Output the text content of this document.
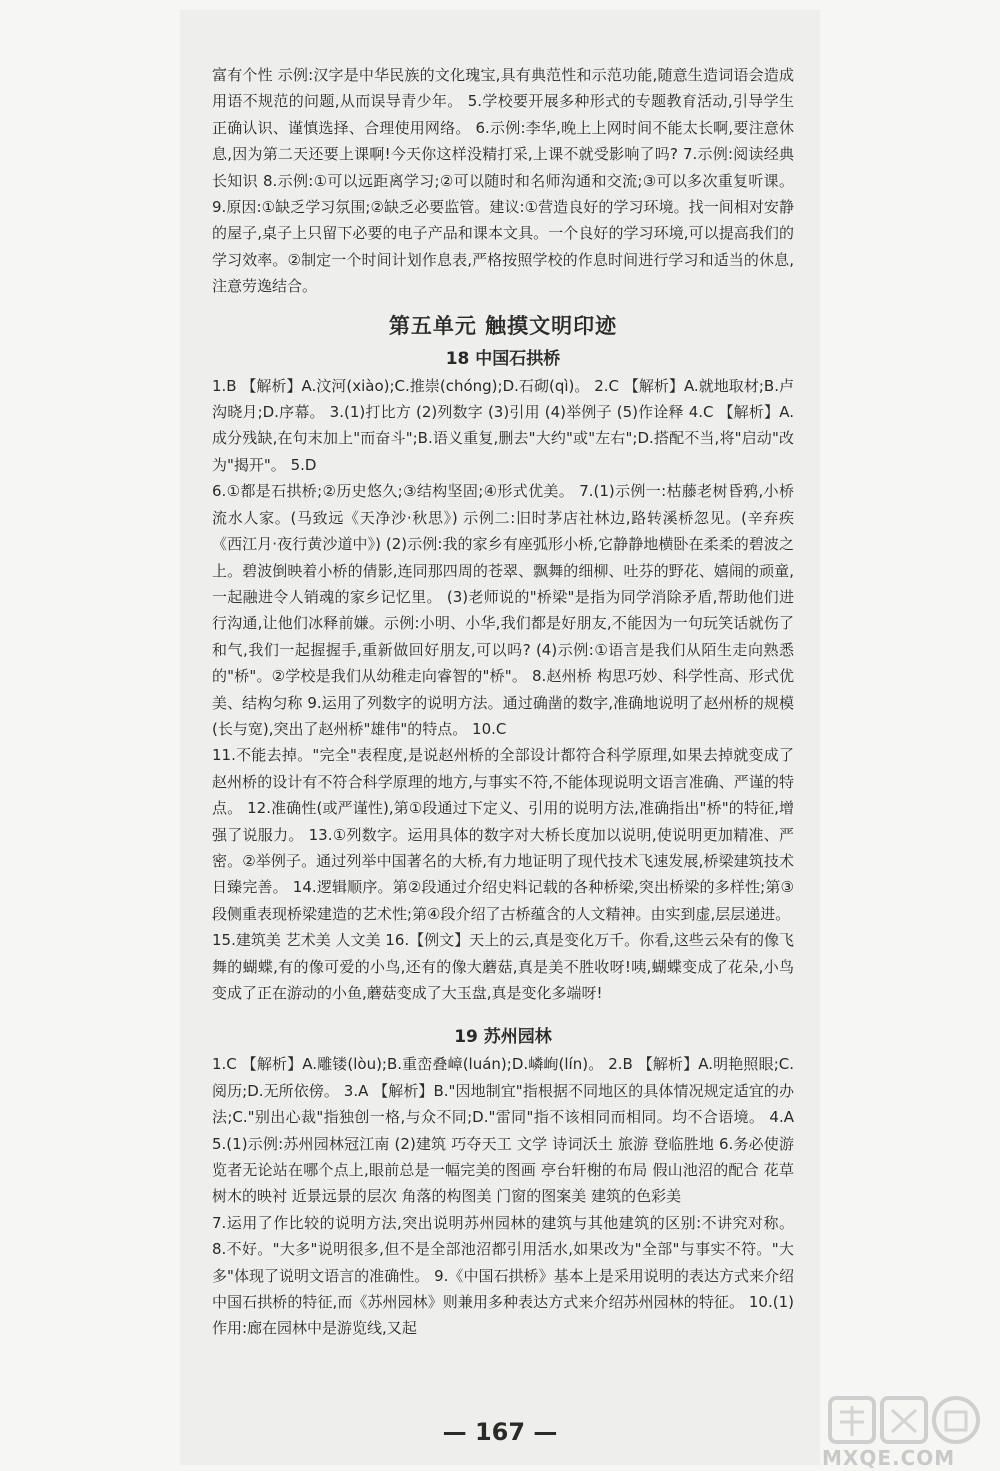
富有个性 示例:汉字是中华民族的文化瑰宝,具有典范性和示范功能,随意生造词语会造成用语不规范的问题,从而误导青少年。 5.学校要开展多种形式的专题教育活动,引导学生正确认识、谨慎选择、合理使用网络。 6.示例:李华,晚上上网时间不能太长啊,要注意休息,因为第二天还要上课啊!今天你这样没精打采,上课不就受影响了吗? 7.示例:阅读经典长知识 8.示例:①可以远距离学习;②可以随时和名师沟通和交流;③可以多次重复听课。 9.原因:①缺乏学习氛围;②缺乏必要监管。建议:①营造良好的学习环境。找一间相对安静的屋子,桌子上只留下必要的电子产品和课本文具。一个良好的学习环境,可以提高我们的学习效率。②制定一个时间计划作息表,严格按照学校的作息时间进行学习和适当的休息,注意劳逸结合。

第五单元 触摸文明印迹
18 中国石拱桥

1.B 【解析】A.汶河(xiào);C.推崇(chóng);D.石砌(qì)。 2.C 【解析】A.就地取材;B.卢沟晓月;D.序幕。 3.(1)打比方 (2)列数字 (3)引用 (4)举例子 (5)作诠释 4.C 【解析】A.成分残缺,在句末加上"而奋斗";B.语义重复,删去"大约"或"左右";D.搭配不当,将"启动"改为"揭开"。 5.D

6.①都是石拱桥;②历史悠久;③结构坚固;④形式优美。 7.(1)示例一:枯藤老树昏鸦,小桥流水人家。(马致远《天净沙·秋思》) 示例二:旧时茅店社林边,路转溪桥忽见。(辛弃疾《西江月·夜行黄沙道中》) (2)示例:我的家乡有座弧形小桥,它静静地横卧在柔柔的碧波之上。碧波倒映着小桥的倩影,连同那四周的苍翠、飘舞的细柳、吐芬的野花、嬉闹的顽童,一起融进令人销魂的家乡记忆里。 (3)老师说的"桥梁"是指为同学消除矛盾,帮助他们进行沟通,让他们冰释前嫌。示例:小明、小华,我们都是好朋友,不能因为一句玩笑话就伤了和气,我们一起握握手,重新做回好朋友,可以吗? (4)示例:①语言是我们从陌生走向熟悉的"桥"。②学校是我们从幼稚走向睿智的"桥"。 8.赵州桥 构思巧妙、科学性高、形式优美、结构匀称 9.运用了列数字的说明方法。通过确凿的数字,准确地说明了赵州桥的规模(长与宽),突出了赵州桥"雄伟"的特点。 10.C

11.不能去掉。"完全"表程度,是说赵州桥的全部设计都符合科学原理,如果去掉就变成了赵州桥的设计有不符合科学原理的地方,与事实不符,不能体现说明文语言准确、严谨的特点。 12.准确性(或严谨性),第①段通过下定义、引用的说明方法,准确指出"桥"的特征,增强了说服力。 13.①列数字。运用具体的数字对大桥长度加以说明,使说明更加精准、严密。②举例子。通过列举中国著名的大桥,有力地证明了现代技术飞速发展,桥梁建筑技术日臻完善。 14.逻辑顺序。第②段通过介绍史料记载的各种桥梁,突出桥梁的多样性;第③段侧重表现桥梁建造的艺术性;第④段介绍了古桥蕴含的人文精神。由实到虚,层层递进。

15.建筑美 艺术美 人文美 16.【例文】天上的云,真是变化万千。你看,这些云朵有的像飞舞的蝴蝶,有的像可爱的小鸟,还有的像大蘑菇,真是美不胜收呀!咦,蝴蝶变成了花朵,小鸟变成了正在游动的小鱼,蘑菇变成了大玉盘,真是变化多端呀!

19 苏州园林

1.C 【解析】A.雕镂(lòu);B.重峦叠嶂(luán);D.嶙峋(lín)。 2.B 【解析】A.明艳照眼;C.阅历;D.无所依傍。 3.A 【解析】B."因地制宜"指根据不同地区的具体情况规定适宜的办法;C."别出心裁"指独创一格,与众不同;D."雷同"指不该相同而相同。均不合语境。 4.A 5.(1)示例:苏州园林冠江南 (2)建筑 巧夺天工 文学 诗词沃土 旅游 登临胜地 6.务必使游览者无论站在哪个点上,眼前总是一幅完美的图画 亭台轩榭的布局 假山池沼的配合 花草树木的映衬 近景远景的层次 角落的构图美 门窗的图案美 建筑的色彩美

7.运用了作比较的说明方法,突出说明苏州园林的建筑与其他建筑的区别:不讲究对称。 8.不好。"大多"说明很多,但不是全部池沼都引用活水,如果改为"全部"与事实不符。"大多"体现了说明文语言的准确性。 9.《中国石拱桥》基本上是采用说明的表达方式来介绍中国石拱桥的特征,而《苏州园林》则兼用多种表达方式来介绍苏州园林的特征。 10.(1)作用:廊在园林中是游览线,又起

— 167 —
MXQE.COM
